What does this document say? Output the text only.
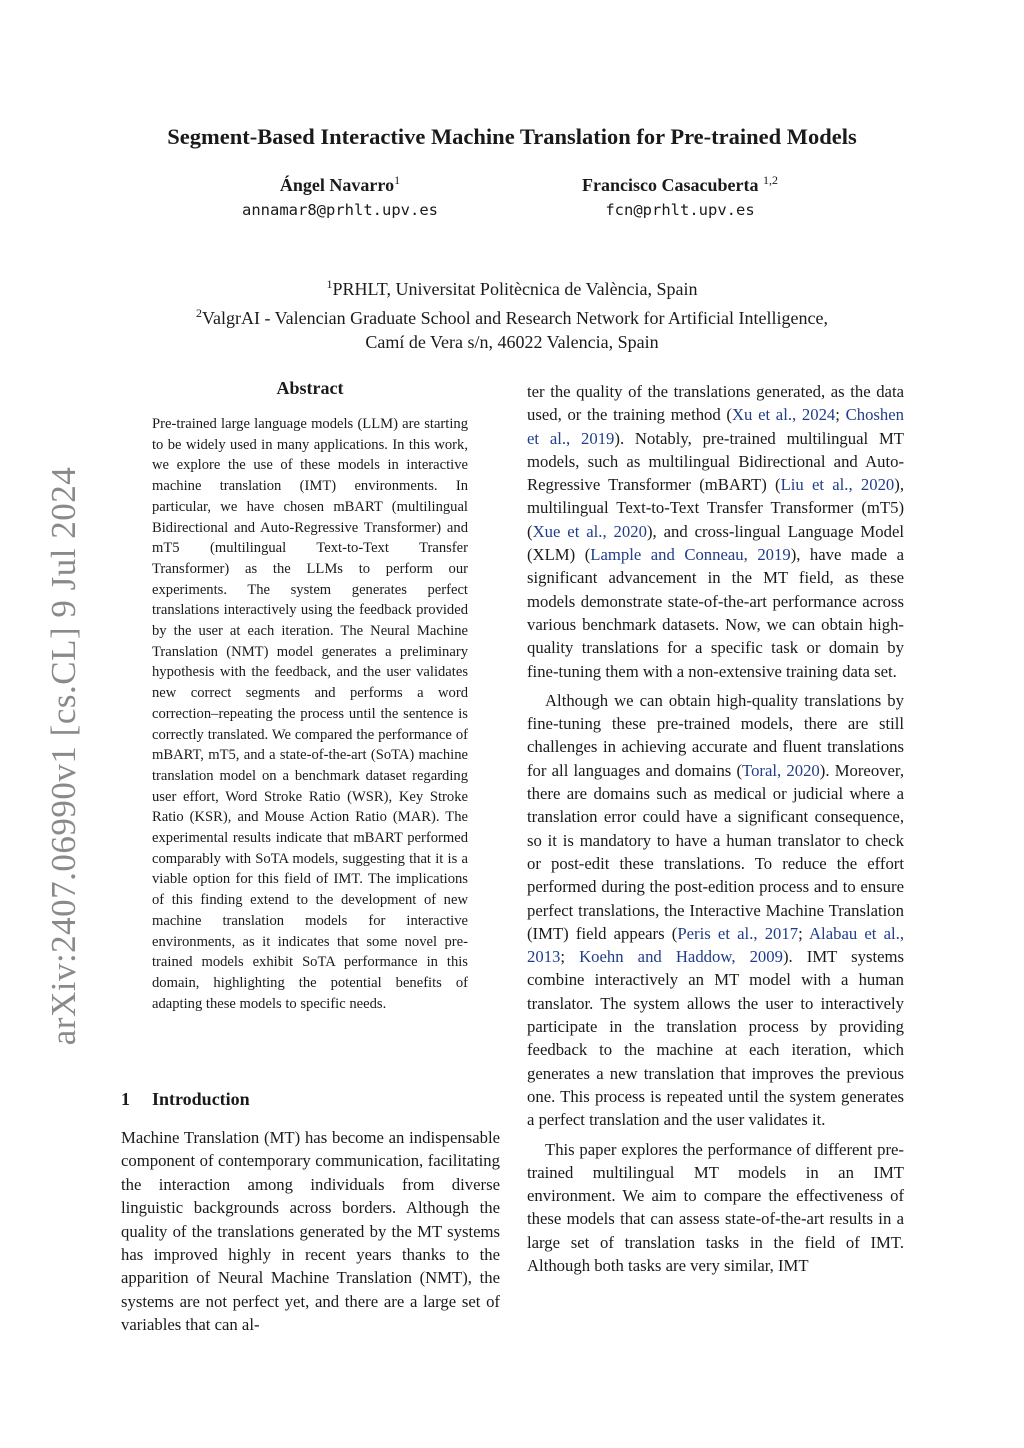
arXiv:2407.06990v1 [cs.CL] 9 Jul 2024
Segment-Based Interactive Machine Translation for Pre-trained Models
Ángel Navarro$^1$
annamar8@prhlt.upv.es
Francisco Casacuberta $^{1,2}$
fcn@prhlt.upv.es
$^1$PRHLT, Universitat Politècnica de València, Spain
$^2$ValgrAI - Valencian Graduate School and Research Network for Artificial Intelligence,
Camí de Vera s/n, 46022 Valencia, Spain
Abstract
Pre-trained large language models (LLM) are starting to be widely used in many applications. In this work, we explore the use of these models in interactive machine translation (IMT) environments. In particular, we have chosen mBART (multilingual Bidirectional and Auto-Regressive Transformer) and mT5 (multilingual Text-to-Text Transfer Transformer) as the LLMs to perform our experiments. The system generates perfect translations interactively using the feedback provided by the user at each iteration. The Neural Machine Translation (NMT) model generates a preliminary hypothesis with the feedback, and the user validates new correct segments and performs a word correction–repeating the process until the sentence is correctly translated. We compared the performance of mBART, mT5, and a state-of-the-art (SoTA) machine translation model on a benchmark dataset regarding user effort, Word Stroke Ratio (WSR), Key Stroke Ratio (KSR), and Mouse Action Ratio (MAR). The experimental results indicate that mBART performed comparably with SoTA models, suggesting that it is a viable option for this field of IMT. The implications of this finding extend to the development of new machine translation models for interactive environments, as it indicates that some novel pre-trained models exhibit SoTA performance in this domain, highlighting the potential benefits of adapting these models to specific needs.
1 Introduction
Machine Translation (MT) has become an indispensable component of contemporary communication, facilitating the interaction among individuals from diverse linguistic backgrounds across borders. Although the quality of the translations generated by the MT systems has improved highly in recent years thanks to the apparition of Neural Machine Translation (NMT), the systems are not perfect yet, and there are a large set of variables that can al-

ter the quality of the translations generated, as the data used, or the training method (Xu et al., 2024; Choshen et al., 2019). Notably, pre-trained multilingual MT models, such as multilingual Bidirectional and Auto-Regressive Transformer (mBART) (Liu et al., 2020), multilingual Text-to-Text Transfer Transformer (mT5) (Xue et al., 2020), and cross-lingual Language Model (XLM) (Lample and Conneau, 2019), have made a significant advancement in the MT field, as these models demonstrate state-of-the-art performance across various benchmark datasets. Now, we can obtain high-quality translations for a specific task or domain by fine-tuning them with a non-extensive training data set.

Although we can obtain high-quality translations by fine-tuning these pre-trained models, there are still challenges in achieving accurate and fluent translations for all languages and domains (Toral, 2020). Moreover, there are domains such as medical or judicial where a translation error could have a significant consequence, so it is mandatory to have a human translator to check or post-edit these translations. To reduce the effort performed during the post-edition process and to ensure perfect translations, the Interactive Machine Translation (IMT) field appears (Peris et al., 2017; Alabau et al., 2013; Koehn and Haddow, 2009). IMT systems combine interactively an MT model with a human translator. The system allows the user to interactively participate in the translation process by providing feedback to the machine at each iteration, which generates a new translation that improves the previous one. This process is repeated until the system generates a perfect translation and the user validates it.

This paper explores the performance of different pre-trained multilingual MT models in an IMT environment. We aim to compare the effectiveness of these models that can assess state-of-the-art results in a large set of translation tasks in the field of IMT. Although both tasks are very similar, IMT
